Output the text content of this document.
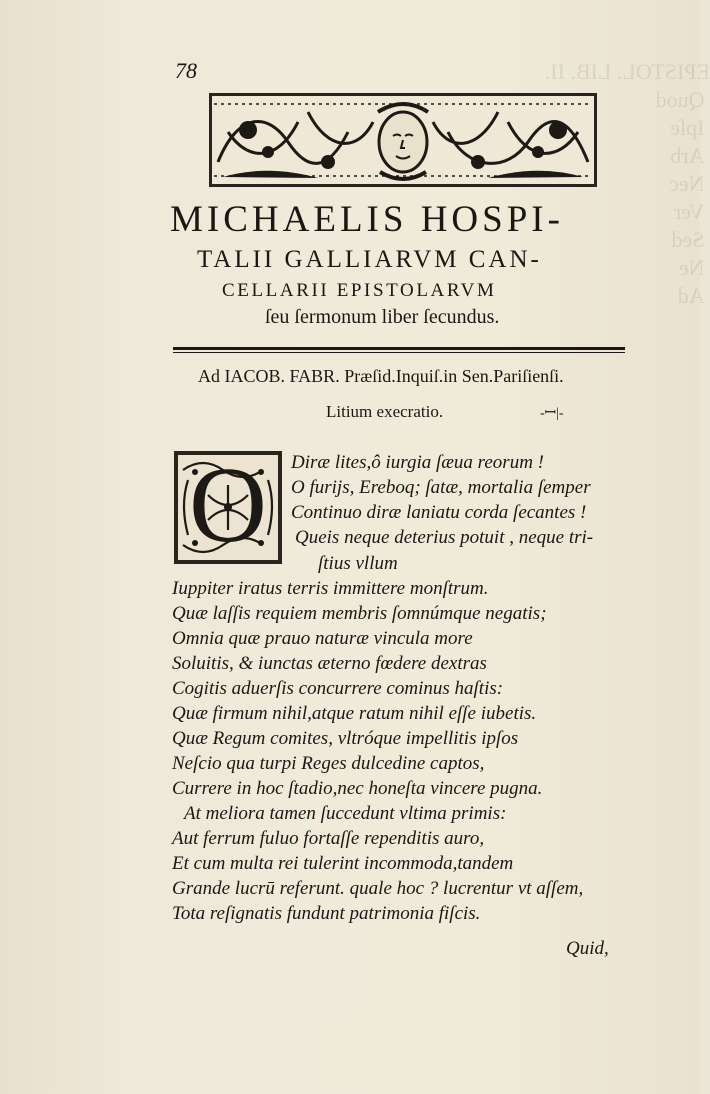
EPISTOL. LIB. II.
Quod
Ipſe
Arb
Nec
Ver
Sed
Ne
Ad
78
MICHAELIS HOSPI-
TALII GALLIARVM CAN-
CELLARII EPISTOLARVM
ſeu ſermonum liber ſecundus.
Ad IACOB. FABR. Præſid.Inquiſ.in Sen.Pariſienſi.
Litium execratio.	-ꟷ|-
O Diræ lites,ô iurgia ſæua reorum !
O furijs, Ereboq; ſatæ, mortalia ſemper
Continuo diræ laniatu corda ſecantes !
Queis neque deterius potuit , neque tri-
ſtius vllum
Iuppiter iratus terris immittere monſtrum.
Quæ laſſis requiem membris ſomnúmque negatis;
Omnia quæ prauo naturæ vincula more
Soluitis, & iunctas æterno fœdere dextras
Cogitis aduerſis concurrere cominus haſtis:
Quæ firmum nihil,atque ratum nihil eſſe iubetis.
Quæ Regum comites, vltróque impellitis ipſos
Neſcio qua turpi Reges dulcedine captos,
Currere in hoc ſtadio,nec honeſta vincere pugna.
At meliora tamen ſuccedunt vltima primis:
Aut ferrum fuluo fortaſſe rependitis auro,
Et cum multa rei tulerint incommoda,tandem
Grande lucrū referunt. quale hoc ? lucrentur vt aſſem,
Tota reſignatis fundunt patrimonia fiſcis.
Quid,
